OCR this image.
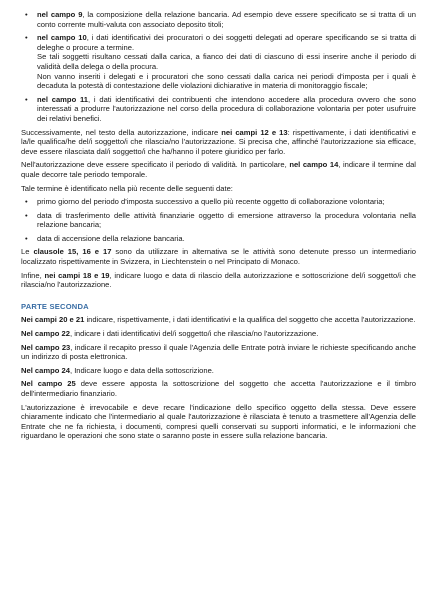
• nel campo 9, la composizione della relazione bancaria. Ad esempio deve essere specificato se si tratta di un conto corrente multi-valuta con associato deposito titoli;
• nel campo 10, i dati identificativi dei procuratori o dei soggetti delegati ad operare specificando se si tratta di deleghe o procure a termine.
Se tali soggetti risultano cessati dalla carica, a fianco dei dati di ciascuno di essi inserire anche il periodo di validità della delega o della procura.
Non vanno inseriti i delegati e i procuratori che sono cessati dalla carica nei periodi d'imposta per i quali è decaduta la potestà di contestazione delle violazioni dichiarative in materia di monitoraggio fiscale;
• nel campo 11, i dati identificativi dei contribuenti che intendono accedere alla procedura ovvero che sono interessati a produrre l'autorizzazione nel corso della procedura di collaborazione volontaria per poter usufruire dei relativi benefici.

Successivamente, nel testo della autorizzazione, indicare nei campi 12 e 13: rispettivamente, i dati identificativi e la/le qualifica/he del/i soggetto/i che rilascia/no l'autorizzazione. Si precisa che, affinché l'autorizzazione sia efficace, deve essere rilasciata dal/i soggetto/i che ha/hanno il potere giuridico per farlo.

Nell'autorizzazione deve essere specificato il periodo di validità. In particolare, nel campo 14, indicare il termine dal quale decorre tale periodo temporale.

Tale termine è identificato nella più recente delle seguenti date:

• primo giorno del periodo d'imposta successivo a quello più recente oggetto di collaborazione volontaria;
• data di trasferimento delle attività finanziarie oggetto di emersione attraverso la procedura volontaria nella relazione bancaria;
• data di accensione della relazione bancaria.

Le clausole 15, 16 e 17 sono da utilizzare in alternativa se le attività sono detenute presso un intermediario localizzato rispettivamente in Svizzera, in Liechtenstein o nel Principato di Monaco.

Infine, nei campi 18 e 19, indicare luogo e data di rilascio della autorizzazione e sottoscrizione del/i soggetto/i che rilascia/no l'autorizzazione.

PARTE SECONDA

Nei campi 20 e 21 indicare, rispettivamente, i dati identificativi e la qualifica del soggetto che accetta l'autorizzazione.

Nel campo 22, indicare i dati identificativi del/i soggetto/i che rilascia/no l'autorizzazione.

Nel campo 23, indicare il recapito presso il quale l'Agenzia delle Entrate potrà inviare le richieste specificando anche un indirizzo di posta elettronica.

Nel campo 24, Indicare luogo e data della sottoscrizione.

Nel campo 25 deve essere apposta la sottoscrizione del soggetto che accetta l'autorizzazione e il timbro dell'intermediario finanziario.

L'autorizzazione è irrevocabile e deve recare l'indicazione dello specifico oggetto della stessa. Deve essere chiaramente indicato che l'intermediario al quale l'autorizzazione è rilasciata è tenuto a trasmettere all'Agenzia delle Entrate che ne fa richiesta, i documenti, compresi quelli conservati su supporti informatici, e le informazioni che riguardano le operazioni che sono state o saranno poste in essere sulla relazione bancaria.
